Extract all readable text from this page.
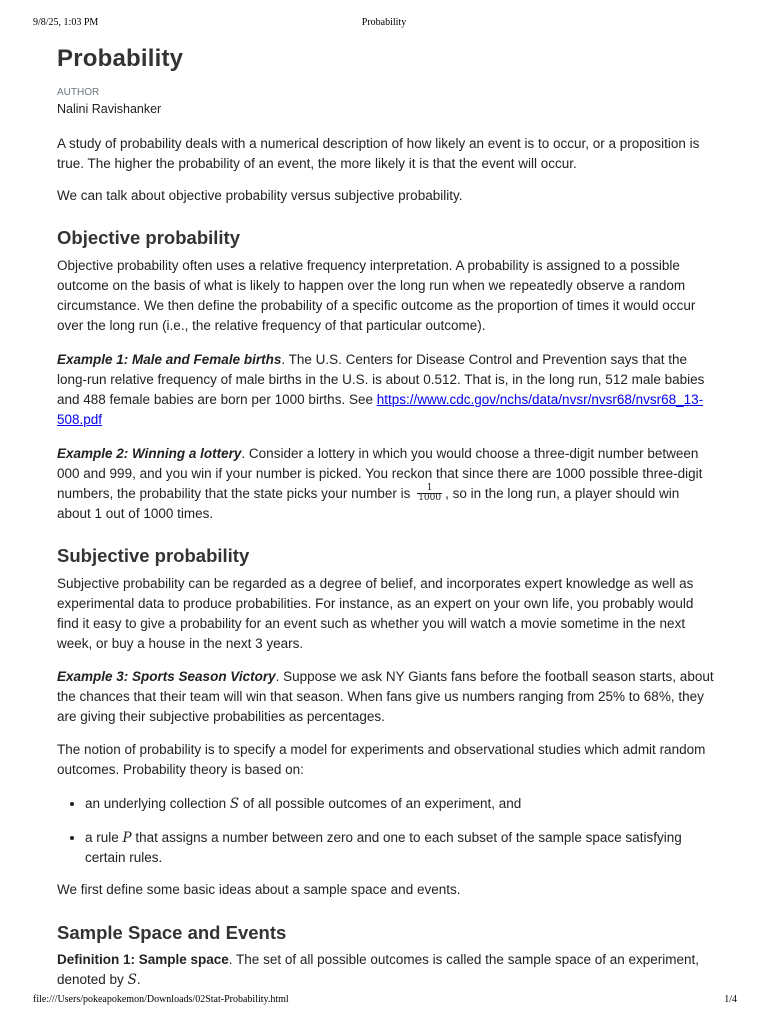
9/8/25, 1:03 PM	Probability
Probability
AUTHOR
Nalini Ravishanker

A study of probability deals with a numerical description of how likely an event is to occur, or a proposition is true. The higher the probability of an event, the more likely it is that the event will occur.

We can talk about objective probability versus subjective probability.

Objective probability

Objective probability often uses a relative frequency interpretation. A probability is assigned to a possible outcome on the basis of what is likely to happen over the long run when we repeatedly observe a random circumstance. We then define the probability of a specific outcome as the proportion of times it would occur over the long run (i.e., the relative frequency of that particular outcome).

Example 1: Male and Female births. The U.S. Centers for Disease Control and Prevention says that the long-run relative frequency of male births in the U.S. is about 0.512. That is, in the long run, 512 male babies and 488 female babies are born per 1000 births. See https://www.cdc.gov/nchs/data/nvsr/nvsr68/nvsr68_13-508.pdf

Example 2: Winning a lottery. Consider a lottery in which you would choose a three-digit number between 000 and 999, and you win if your number is picked. You reckon that since there are 1000 possible three-digit numbers, the probability that the state picks your number is $\frac{1}{1000}$ , so in the long run, a player should win about 1 out of 1000 times.

Subjective probability

Subjective probability can be regarded as a degree of belief, and incorporates expert knowledge as well as experimental data to produce probabilities. For instance, as an expert on your own life, you probably would find it easy to give a probability for an event such as whether you will watch a movie sometime in the next week, or buy a house in the next 3 years.

Example 3: Sports Season Victory. Suppose we ask NY Giants fans before the football season starts, about the chances that their team will win that season. When fans give us numbers ranging from 25% to 68%, they are giving their subjective probabilities as percentages.

The notion of probability is to specify a model for experiments and observational studies which admit random outcomes. Probability theory is based on:

• an underlying collection S of all possible outcomes of an experiment, and
• a rule P that assigns a number between zero and one to each subset of the sample space satisfying certain rules.

We first define some basic ideas about a sample space and events.

Sample Space and Events

Definition 1: Sample space. The set of all possible outcomes is called the sample space of an experiment, denoted by S.

file:///Users/pokeapokemon/Downloads/02Stat-Probability.html	1/4
